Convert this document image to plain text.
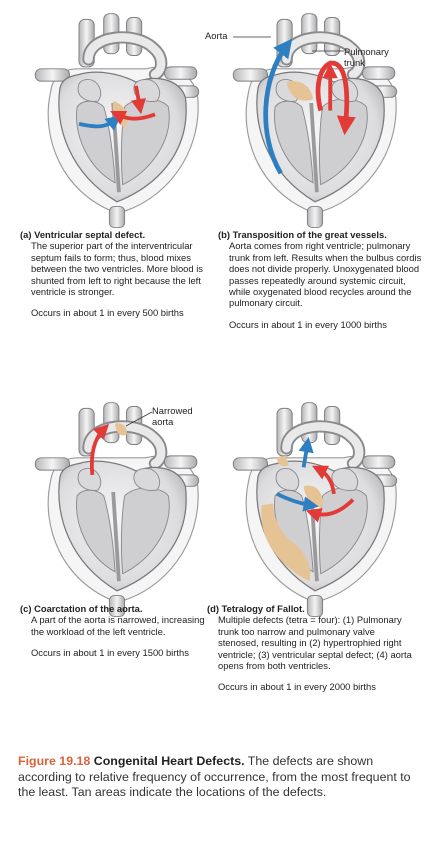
Aorta
Pulmonary
trunk
(a) Ventricular septal defect.
The superior part of the interventricular septum fails to form; thus, blood mixes between the two ventricles. More blood is shunted from left to right because the left ventricle is stronger.
Occurs in about 1 in every 500 births
(b) Transposition of the great vessels.
Aorta comes from right ventricle; pulmonary trunk from left. Results when the bulbus cordis does not divide properly. Unoxygenated blood passes repeatedly around systemic circuit, while oxygenated blood recycles around the pulmonary circuit.
Occurs in about 1 in every 1000 births
Narrowed
aorta
(c) Coarctation of the aorta.
A part of the aorta is narrowed, increasing the workload of the left ventricle.
Occurs in about 1 in every 1500 births
(d) Tetralogy of Fallot.
Multiple defects (tetra = four): (1) Pulmonary trunk too narrow and pulmonary valve stenosed, resulting in (2) hypertrophied right ventricle; (3) ventricular septal defect; (4) aorta opens from both ventricles.
Occurs in about 1 in every 2000 births
Figure 19.18 Congenital Heart Defects. The defects are shown according to relative frequency of occurrence, from the most frequent to the least. Tan areas indicate the locations of the defects.
